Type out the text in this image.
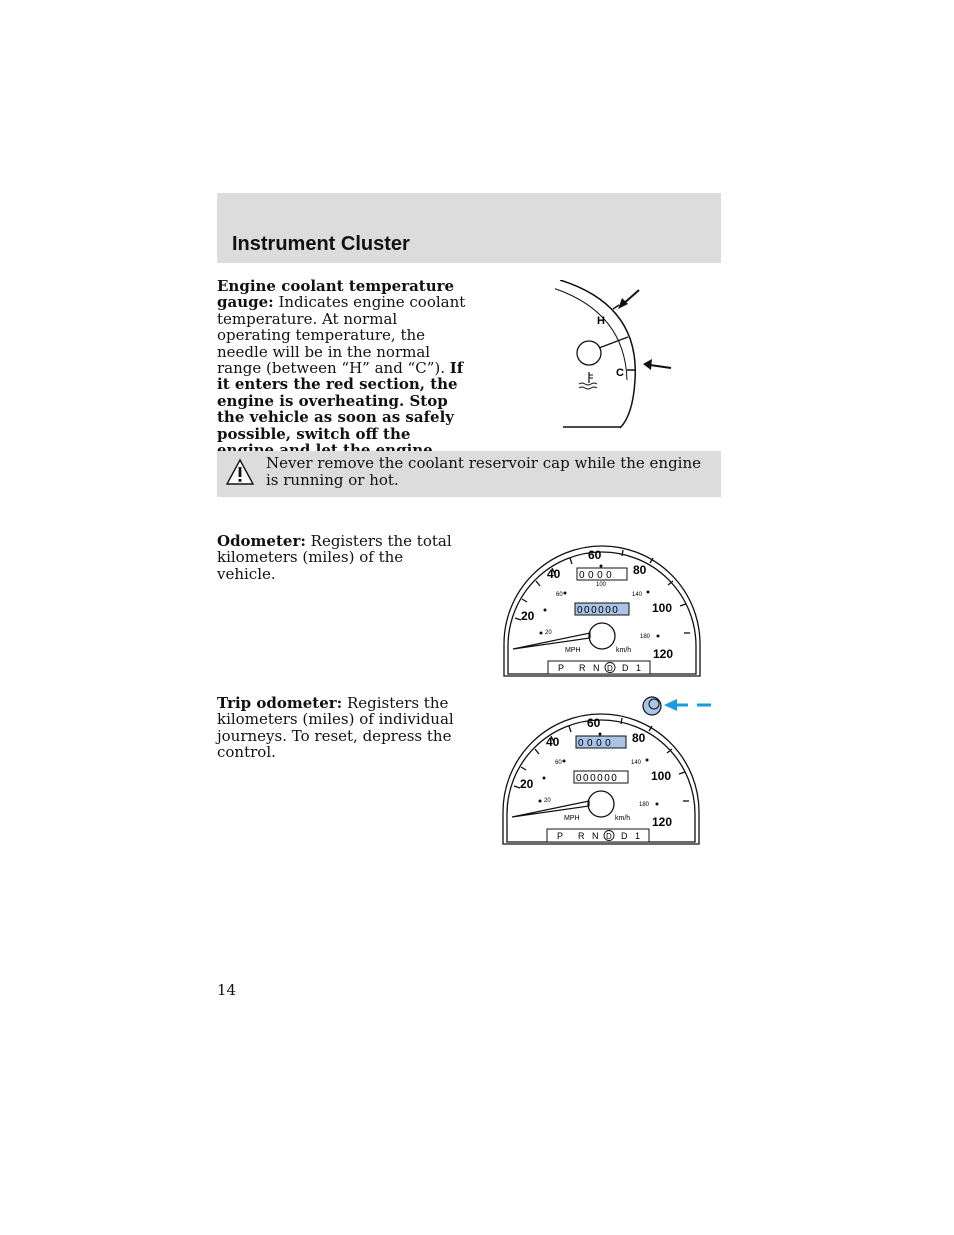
Instrument Cluster

Engine coolant temperature gauge: Indicates engine coolant temperature. At normal operating temperature, the needle will be in the normal range (between “H” and “C”). If it enters the red section, the engine is overheating. Stop the vehicle as soon as safely possible, switch off the

H
C

Never remove the coolant reservoir cap while the engine is running or hot.

Odometer: Registers the total kilometers (miles) of the vehicle.	40
60
80
20
100
120
60
100
140
20
180
0000
000000
MPH	km/h
P R N D D 1

Trip odometer: Registers the kilometers (miles) of individual journeys. To reset, depress the control.

40
60
80
20
100
120
60	140
20
180
0000
000000
MPH	km/h
P R N D D 1
14
